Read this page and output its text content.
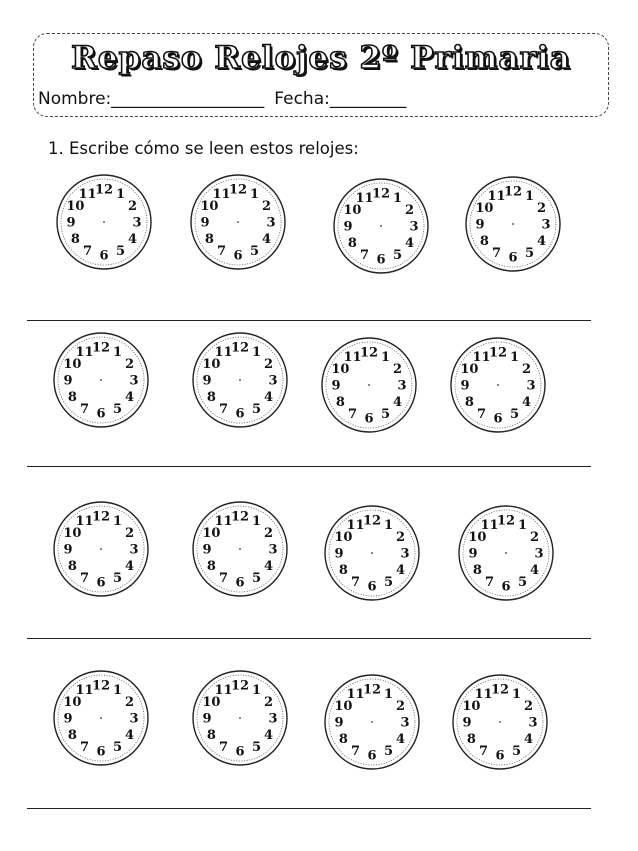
Repaso Relojes 2º Primaria
Nombre:__________________ Fecha:_________
1. Escribe cómo se leen estos relojes:
12 1
2
3
4
5
6
7
8
9
10
11	12 1
2
3
4
5
6
7
8
9
10
11	12 1
2
3
4
5
6
7
8
9
10
11	12 1
2
3
4
5
6
7
8
9
10
11
12 1
2
3
4
5
6
7
8
9
10
11	12 1
2
3
4
5
6
7
8
9
10
11	12 1
2
3
4
5
6
7
8
9
10
11	12 1
2
3
4
5
6
7
8
9
10
11
12 1
2
3
4
5
6
7
8
9
10
11	12 1
2
3
4
5
6
7
8
9
10
11	12 1
2
3
4
5
6
7
8
9
10
11	12 1
2
3
4
5
6
7
8
9
10
11
12 1
2
3
4
5
6
7
8
9
10
11	12 1
2
3
4
5
6
7
8
9
10
11	12 1
2
3
4
5
6
7
8
9
10
11	12 1
2
3
4
5
6
7
8
9
10
11
